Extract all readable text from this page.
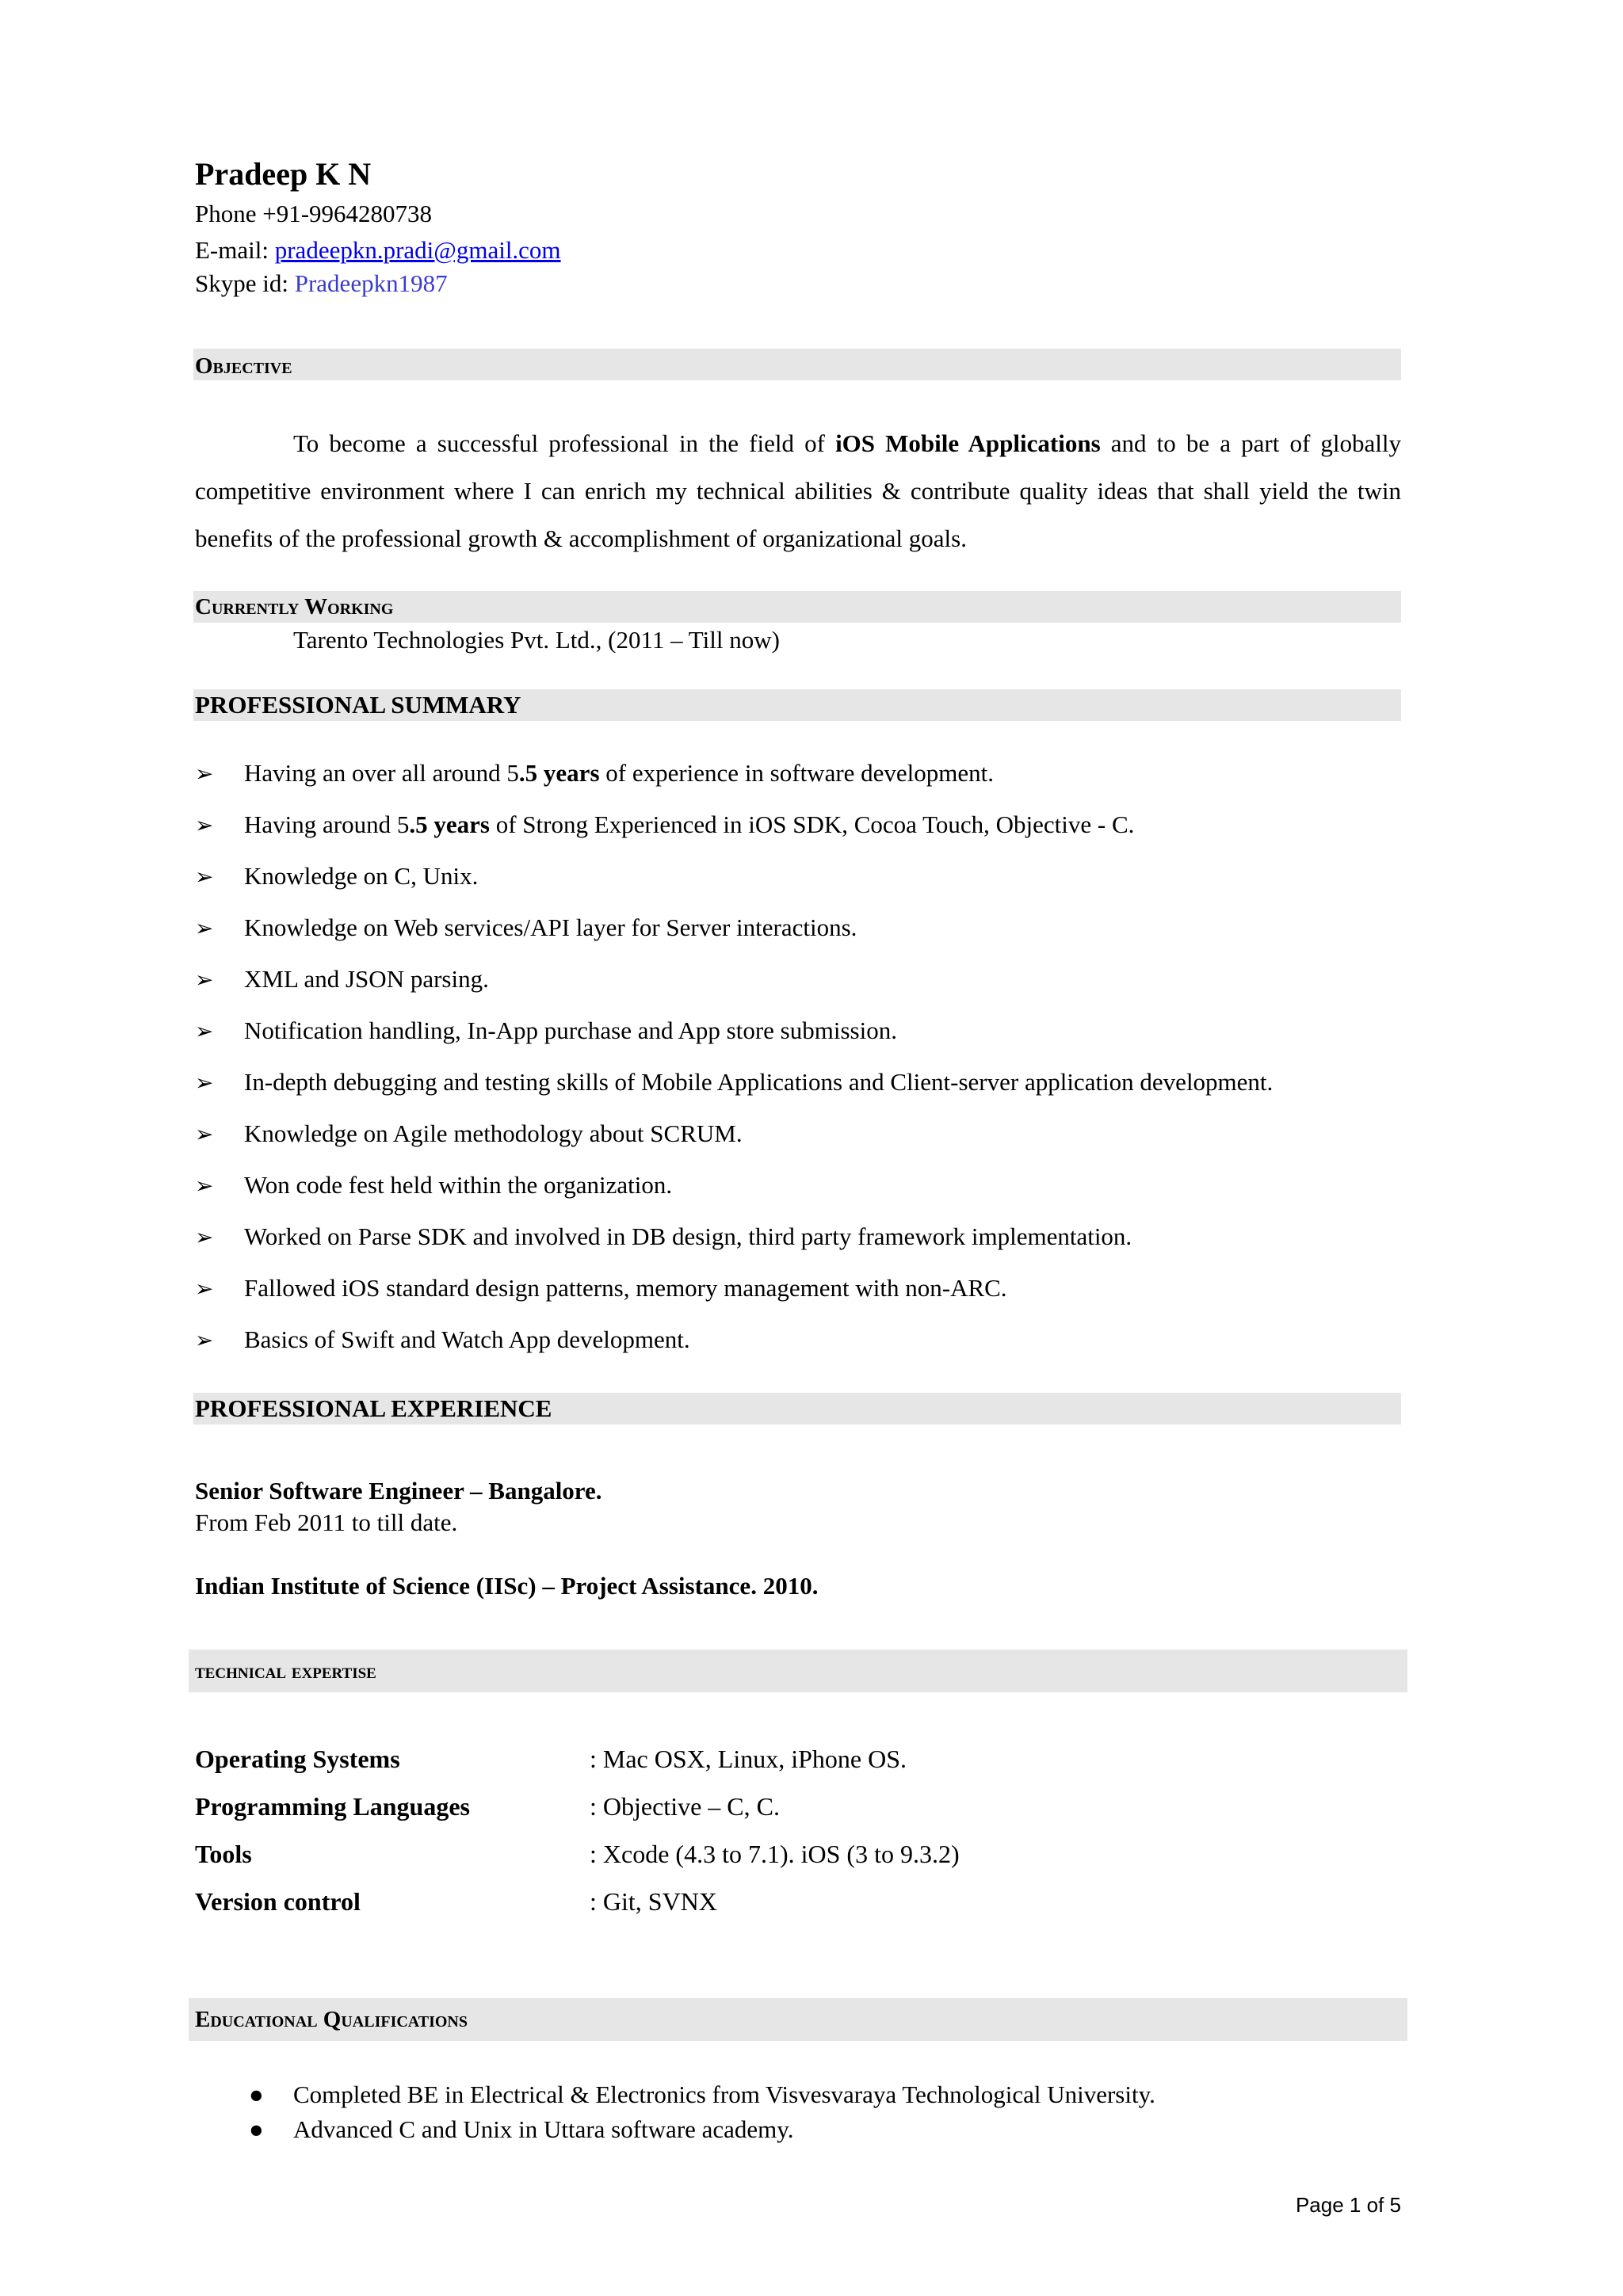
Pradeep K N
Phone +91-9964280738
E-mail: pradeepkn.pradi@gmail.com
Skype id: Pradeepkn1987
Objective
To become a successful professional in the field of iOS Mobile Applications and to be a part of globally competitive environment where I can enrich my technical abilities & contribute quality ideas that shall yield the twin benefits of the professional growth & accomplishment of organizational goals.
Currently Working
Tarento Technologies Pvt. Ltd., (2011 – Till now)
PROFESSIONAL SUMMARY
➢ Having an over all around 5.5 years of experience in software development.
➢ Having around 5.5 years of Strong Experienced in iOS SDK, Cocoa Touch, Objective - C.
➢ Knowledge on C, Unix.
➢ Knowledge on Web services/API layer for Server interactions.
➢ XML and JSON parsing.
➢ Notification handling, In-App purchase and App store submission.
➢ In-depth debugging and testing skills of Mobile Applications and Client-server application development.
➢ Knowledge on Agile methodology about SCRUM.
➢ Won code fest held within the organization.
➢ Worked on Parse SDK and involved in DB design, third party framework implementation.
➢ Fallowed iOS standard design patterns, memory management with non-ARC.
➢ Basics of Swift and Watch App development.
PROFESSIONAL EXPERIENCE
Senior Software Engineer – Bangalore.
From Feb 2011 to till date.
Indian Institute of Science (IISc) – Project Assistance. 2010.
technical expertise
Operating Systems	: Mac OSX, Linux, iPhone OS.
Programming Languages	: Objective – C, C.
Tools	: Xcode (4.3 to 7.1). iOS (3 to 9.3.2)
Version control	: Git, SVNX
Educational Qualifications
● Completed BE in Electrical & Electronics from Visvesvaraya Technological University.
● Advanced C and Unix in Uttara software academy.
Page 1 of 5
